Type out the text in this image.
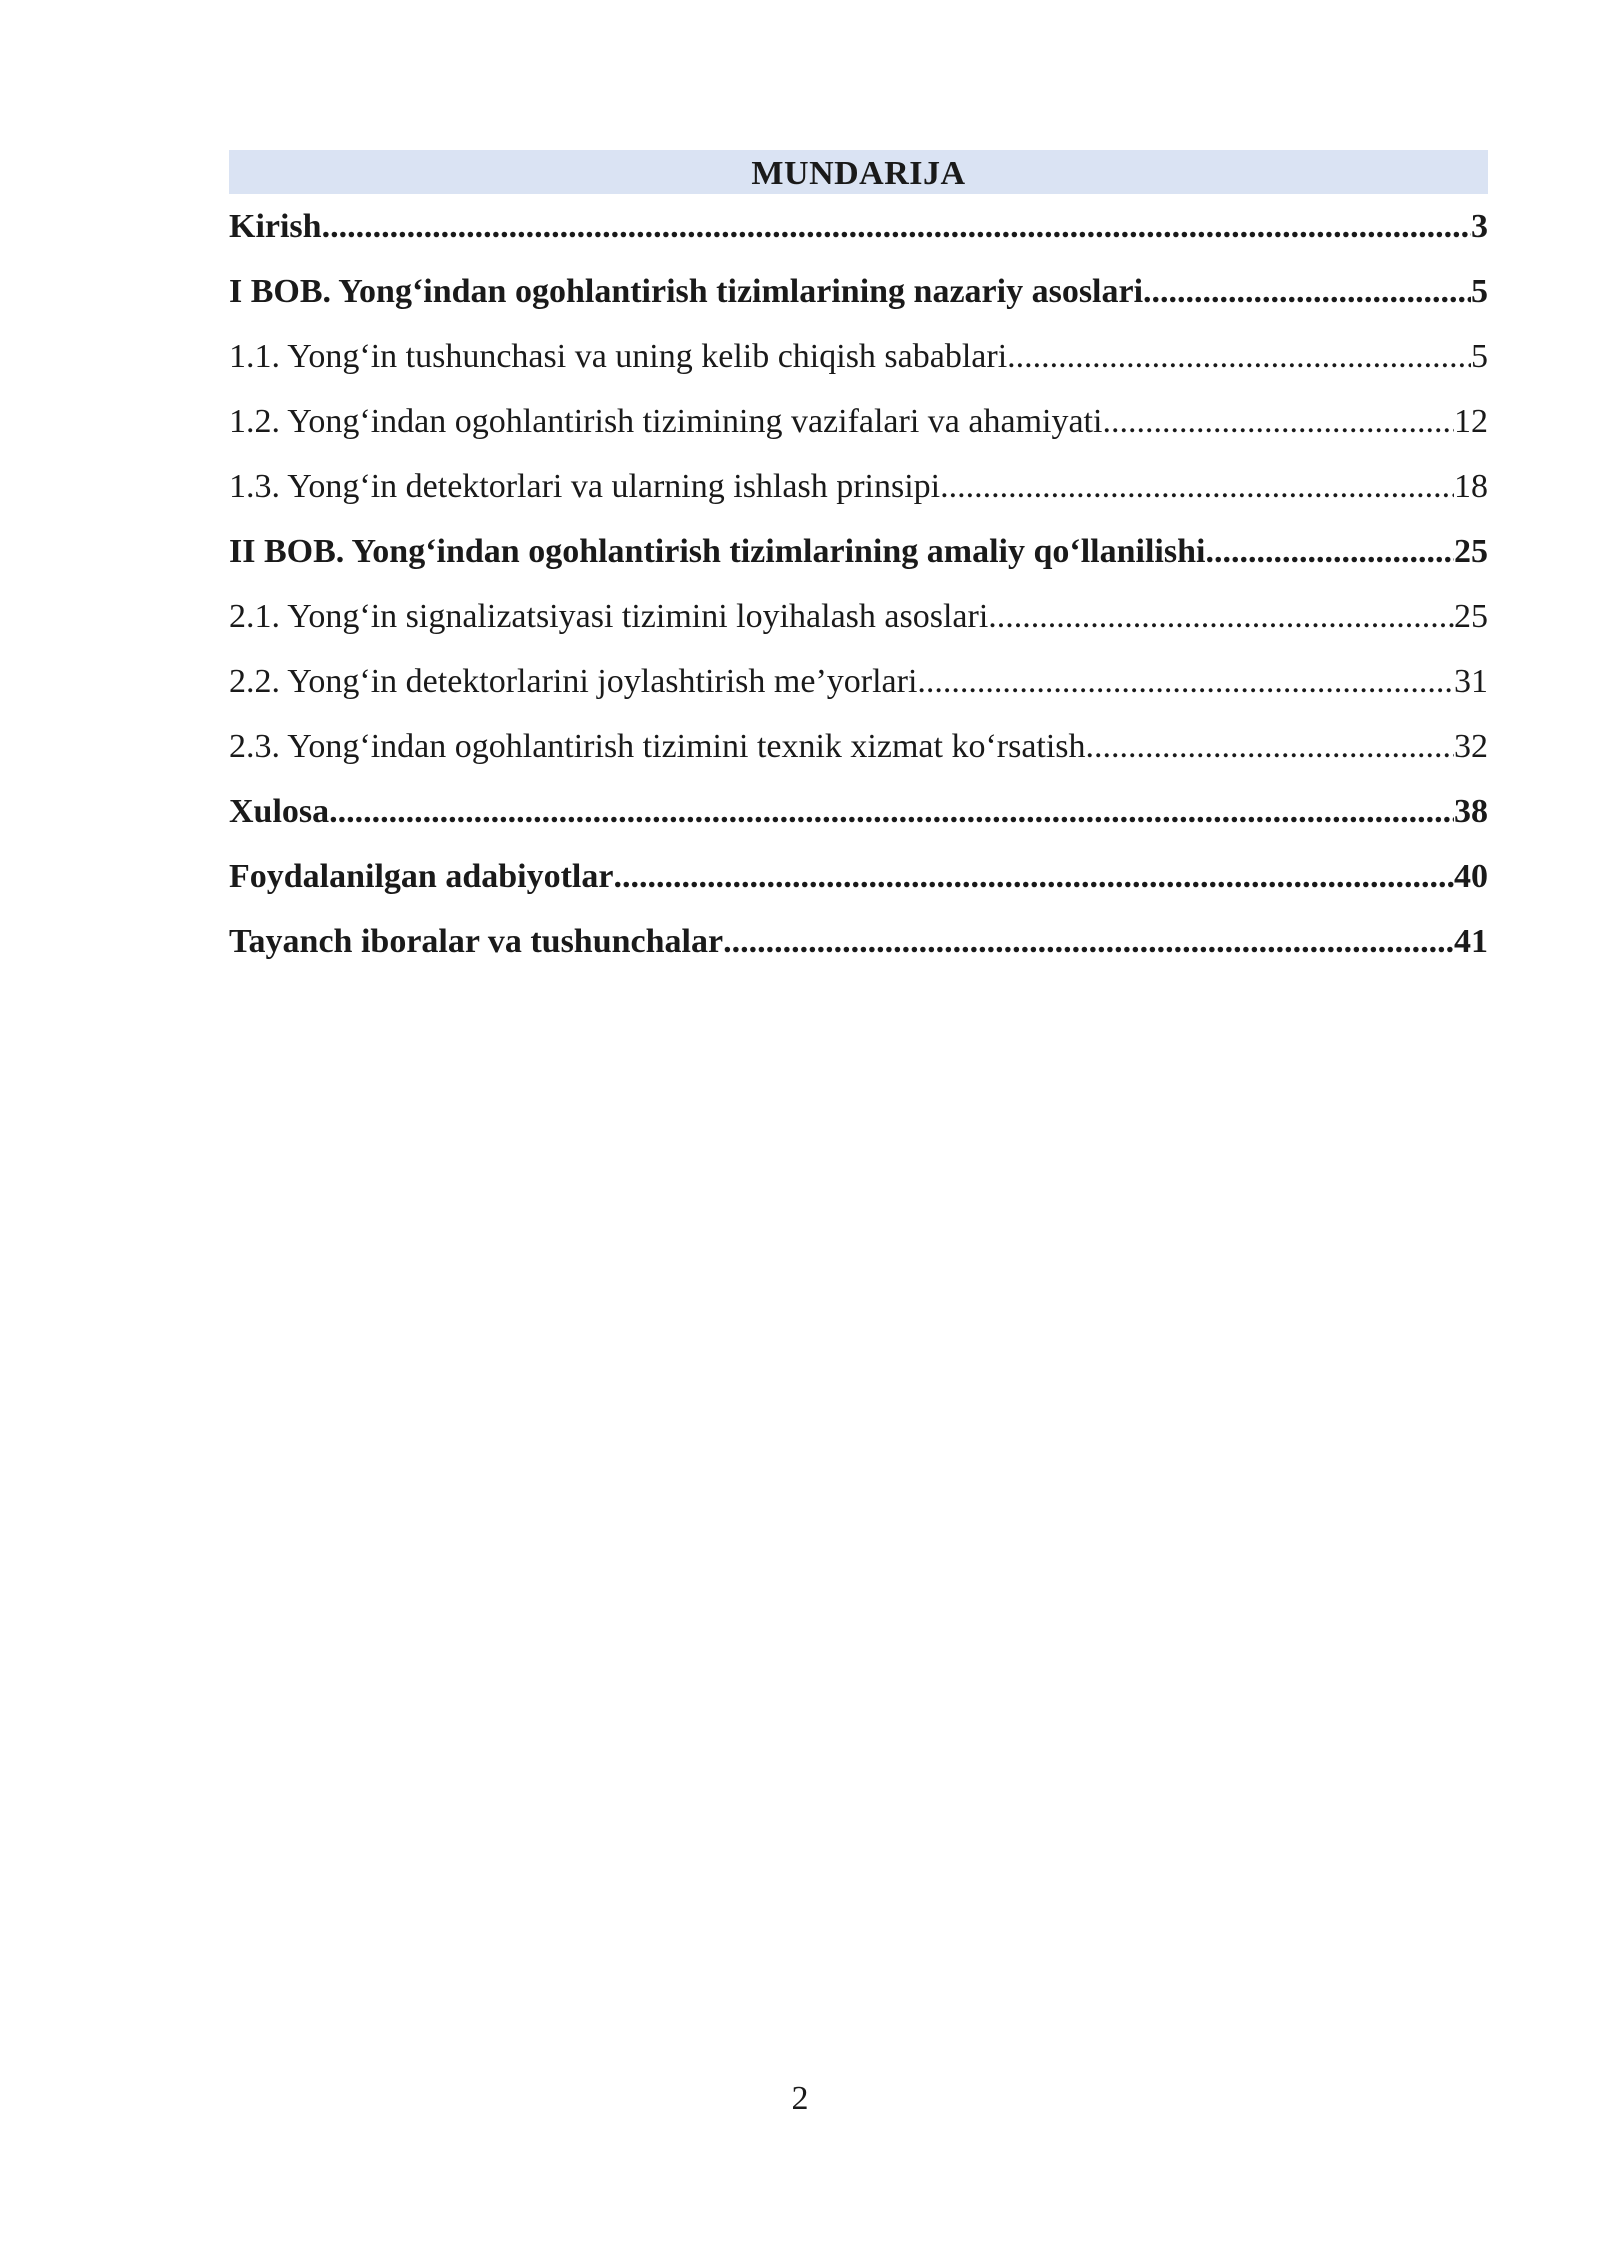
MUNDARIJA
Kirish .....	3
I BOB. Yong‘indan ogohlantirish tizimlarining nazariy asoslari .....	5
1.1. Yong‘in tushunchasi va uning kelib chiqish sabablari .....	5
1.2. Yong‘indan ogohlantirish tizimining vazifalari va ahamiyati .....	12
1.3. Yong‘in detektorlari va ularning ishlash prinsipi .....	18
II BOB. Yong‘indan ogohlantirish tizimlarining amaliy qo‘llanilishi .....	25
2.1. Yong‘in signalizatsiyasi tizimini loyihalash asoslari .....	25
2.2. Yong‘in detektorlarini joylashtirish me’yorlari .....	31
2.3. Yong‘indan ogohlantirish tizimini texnik xizmat ko‘rsatish .....	32
Xulosa .....	38
Foydalanilgan adabiyotlar .....	40
Tayanch iboralar va tushunchalar .....	41
2
